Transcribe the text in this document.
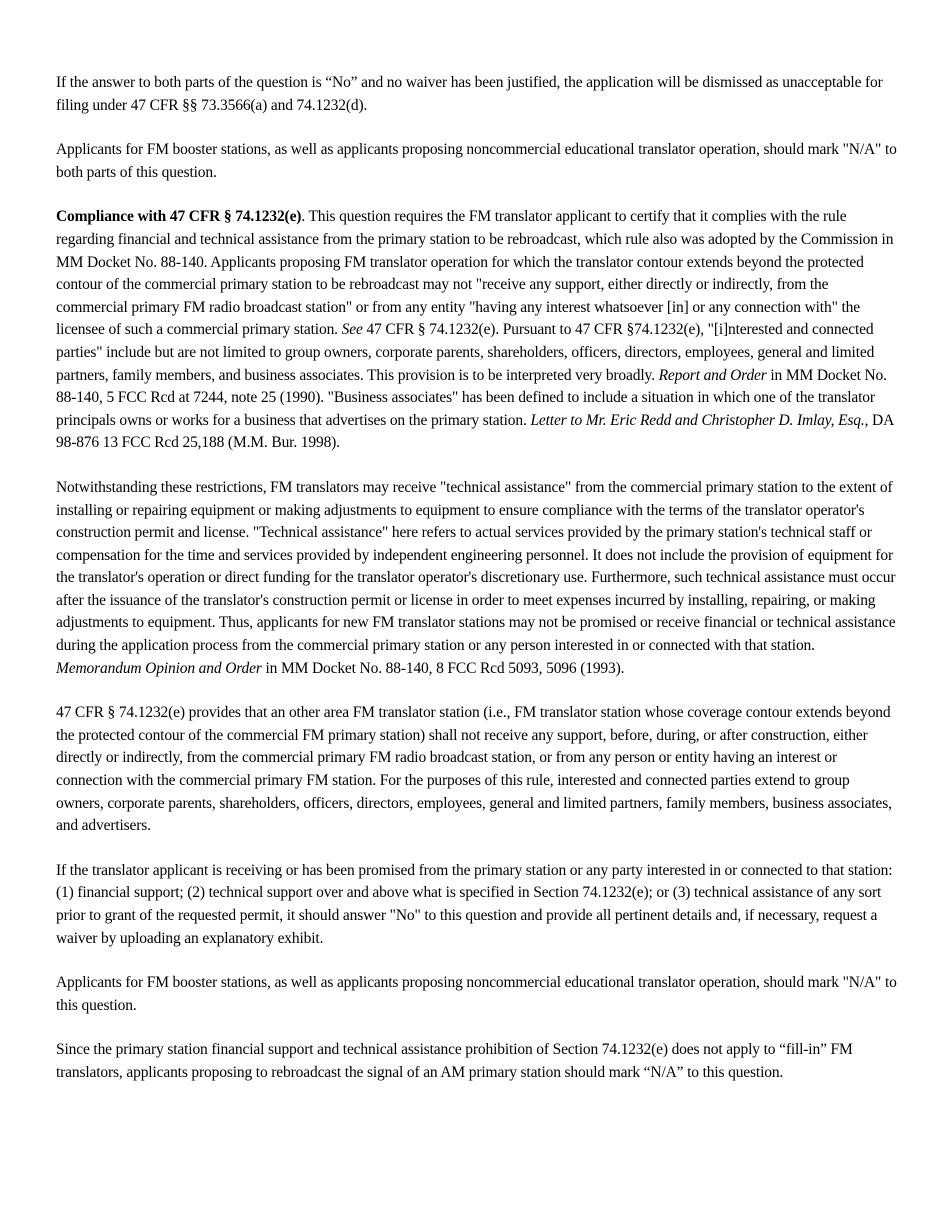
If the answer to both parts of the question is “No” and no waiver has been justified, the application will be dismissed as unacceptable for filing under 47 CFR §§ 73.3566(a) and 74.1232(d).

Applicants for FM booster stations, as well as applicants proposing noncommercial educational translator operation, should mark "N/A" to both parts of this question.

Compliance with 47 CFR § 74.1232(e). This question requires the FM translator applicant to certify that it complies with the rule regarding financial and technical assistance from the primary station to be rebroadcast, which rule also was adopted by the Commission in MM Docket No. 88-140. Applicants proposing FM translator operation for which the translator contour extends beyond the protected contour of the commercial primary station to be rebroadcast may not "receive any support, either directly or indirectly, from the commercial primary FM radio broadcast station" or from any entity "having any interest whatsoever [in] or any connection with" the licensee of such a commercial primary station. See 47 CFR § 74.1232(e). Pursuant to 47 CFR §74.1232(e), "[i]nterested and connected parties" include but are not limited to group owners, corporate parents, shareholders, officers, directors, employees, general and limited partners, family members, and business associates. This provision is to be interpreted very broadly. Report and Order in MM Docket No. 88-140, 5 FCC Rcd at 7244, note 25 (1990). "Business associates" has been defined to include a situation in which one of the translator principals owns or works for a business that advertises on the primary station. Letter to Mr. Eric Redd and Christopher D. Imlay, Esq., DA 98-876 13 FCC Rcd 25,188 (M.M. Bur. 1998).

Notwithstanding these restrictions, FM translators may receive "technical assistance" from the commercial primary station to the extent of installing or repairing equipment or making adjustments to equipment to ensure compliance with the terms of the translator operator's construction permit and license. "Technical assistance" here refers to actual services provided by the primary station's technical staff or compensation for the time and services provided by independent engineering personnel. It does not include the provision of equipment for the translator's operation or direct funding for the translator operator's discretionary use. Furthermore, such technical assistance must occur after the issuance of the translator's construction permit or license in order to meet expenses incurred by installing, repairing, or making adjustments to equipment. Thus, applicants for new FM translator stations may not be promised or receive financial or technical assistance during the application process from the commercial primary station or any person interested in or connected with that station. Memorandum Opinion and Order in MM Docket No. 88-140, 8 FCC Rcd 5093, 5096 (1993).

47 CFR § 74.1232(e) provides that an other area FM translator station (i.e., FM translator station whose coverage contour extends beyond the protected contour of the commercial FM primary station) shall not receive any support, before, during, or after construction, either directly or indirectly, from the commercial primary FM radio broadcast station, or from any person or entity having an interest or connection with the commercial primary FM station. For the purposes of this rule, interested and connected parties extend to group owners, corporate parents, shareholders, officers, directors, employees, general and limited partners, family members, business associates, and advertisers.

If the translator applicant is receiving or has been promised from the primary station or any party interested in or connected to that station: (1) financial support; (2) technical support over and above what is specified in Section 74.1232(e); or (3) technical assistance of any sort prior to grant of the requested permit, it should answer "No" to this question and provide all pertinent details and, if necessary, request a waiver by uploading an explanatory exhibit.

Applicants for FM booster stations, as well as applicants proposing noncommercial educational translator operation, should mark "N/A" to this question.

Since the primary station financial support and technical assistance prohibition of Section 74.1232(e) does not apply to “fill-in” FM translators, applicants proposing to rebroadcast the signal of an AM primary station should mark “N/A” to this question.
